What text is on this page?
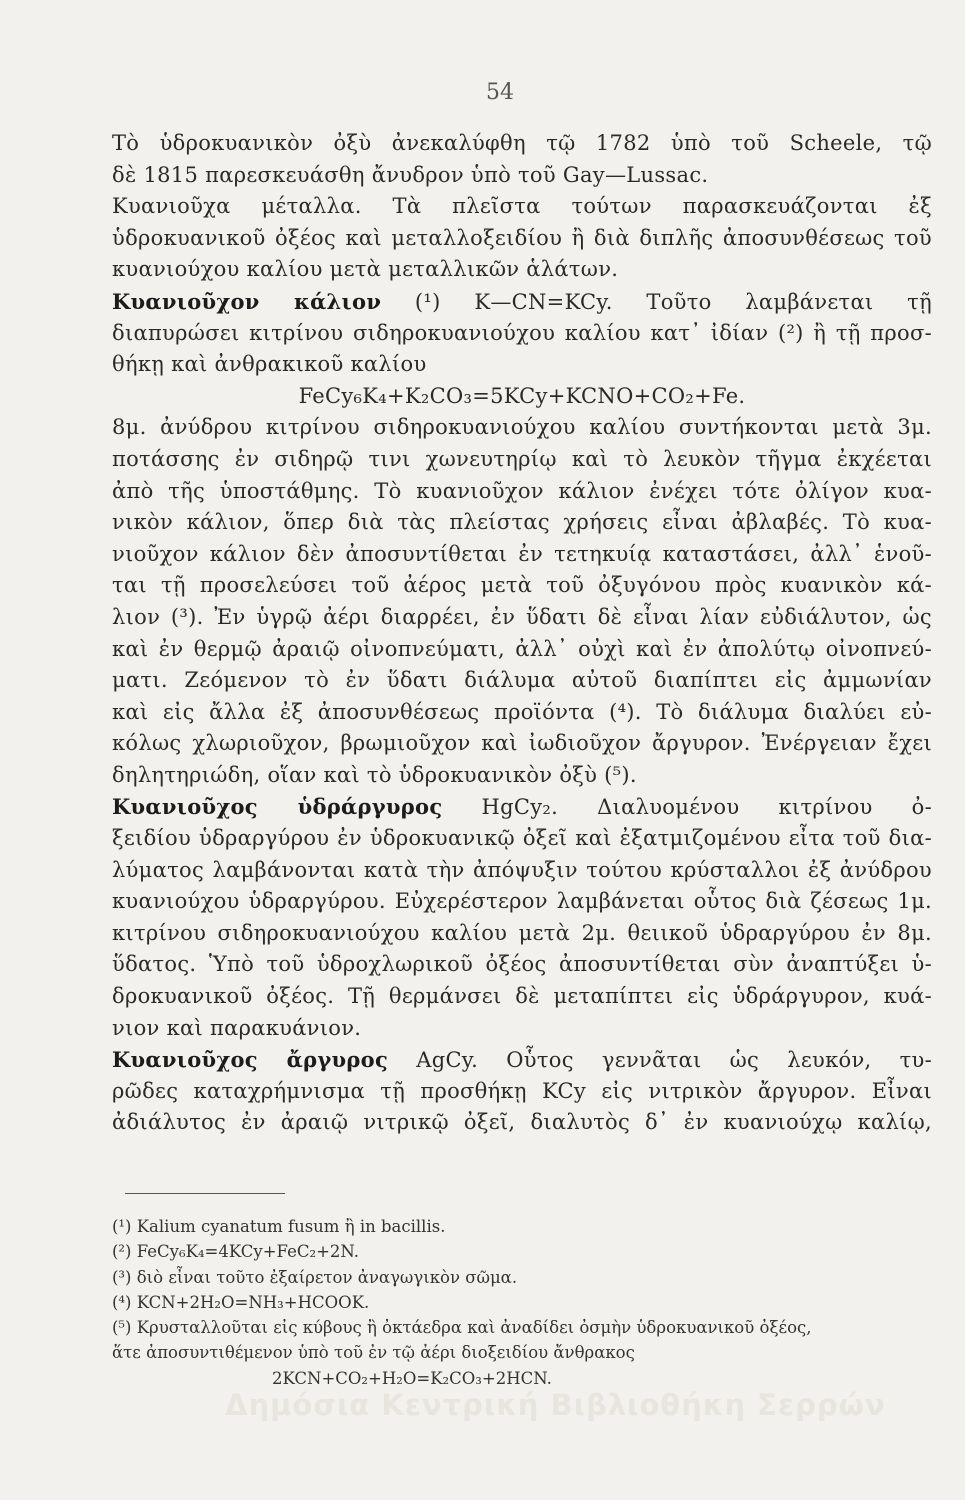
54
Τὸ ὑδροκυανικὸν ὀξὺ ἀνεκαλύφθη τῷ 1782 ὑπὸ τοῦ Scheele, τῷ
δὲ 1815 παρεσκευάσθη ἄνυδρον ὑπὸ τοῦ Gay—Lussac.
Κυανιοῦχα μέταλλα. Τὰ πλεῖστα τούτων παρασκευάζονται ἐξ
ὑδροκυανικοῦ ὀξέος καὶ μεταλλοξειδίου ἢ διὰ διπλῆς ἀποσυνθέσεως τοῦ
κυανιούχου καλίου μετὰ μεταλλικῶν ἁλάτων.
Κυανιοῦχον κάλιον (¹) K—CN=KCy. Τοῦτο λαμβάνεται τῇ
διαπυρώσει κιτρίνου σιδηροκυανιούχου καλίου κατ᾽ ἰδίαν (²) ἢ τῇ προσ-
θήκῃ καὶ ἀνθρακικοῦ καλίου
FeCy₆K₄+K₂CO₃=5KCy+KCNO+CO₂+Fe.
8μ. ἀνύδρου κιτρίνου σιδηροκυανιούχου καλίου συντήκονται μετὰ 3μ.
ποτάσσης ἐν σιδηρῷ τινι χωνευτηρίῳ καὶ τὸ λευκὸν τῆγμα ἐκχέεται
ἀπὸ τῆς ὑποστάθμης. Τὸ κυανιοῦχον κάλιον ἐνέχει τότε ὀλίγον κυα-
νικὸν κάλιον, ὅπερ διὰ τὰς πλείστας χρήσεις εἶναι ἀβλαβές. Τὸ κυα-
νιοῦχον κάλιον δὲν ἀποσυντίθεται ἐν τετηκυίᾳ καταστάσει, ἀλλ᾽ ἑνοῦ-
ται τῇ προσελεύσει τοῦ ἀέρος μετὰ τοῦ ὀξυγόνου πρὸς κυανικὸν κά-
λιον (³). Ἐν ὑγρῷ ἀέρι διαρρέει, ἐν ὕδατι δὲ εἶναι λίαν εὐδιάλυτον, ὡς
καὶ ἐν θερμῷ ἀραιῷ οἰνοπνεύματι, ἀλλ᾽ οὐχὶ καὶ ἐν ἀπολύτῳ οἰνοπνεύ-
ματι. Ζεόμενον τὸ ἐν ὕδατι διάλυμα αὐτοῦ διαπίπτει εἰς ἀμμωνίαν
καὶ εἰς ἄλλα ἐξ ἀποσυνθέσεως προϊόντα (⁴). Τὸ διάλυμα διαλύει εὐ-
κόλως χλωριοῦχον, βρωμιοῦχον καὶ ἰωδιοῦχον ἄργυρον. Ἐνέργειαν ἔχει
δηλητηριώδη, οἵαν καὶ τὸ ὑδροκυανικὸν ὀξὺ (⁵).
Κυανιοῦχος ὑδράργυρος HgCy₂. Διαλυομένου κιτρίνου ὀ-
ξειδίου ὑδραργύρου ἐν ὑδροκυανικῷ ὀξεῖ καὶ ἐξατμιζομένου εἶτα τοῦ δια-
λύματος λαμβάνονται κατὰ τὴν ἀπόψυξιν τούτου κρύσταλλοι ἐξ ἀνύδρου
κυανιούχου ὑδραργύρου. Εὐχερέστερον λαμβάνεται οὗτος διὰ ζέσεως 1μ.
κιτρίνου σιδηροκυανιούχου καλίου μετὰ 2μ. θειικοῦ ὑδραργύρου ἐν 8μ.
ὕδατος. Ὑπὸ τοῦ ὑδροχλωρικοῦ ὀξέος ἀποσυντίθεται σὺν ἀναπτύξει ὑ-
δροκυανικοῦ ὀξέος. Τῇ θερμάνσει δὲ μεταπίπτει εἰς ὑδράργυρον, κυά-
νιον καὶ παρακυάνιον.
Κυανιοῦχος ἄργυρος AgCy. Οὗτος γεννᾶται ὡς λευκόν, τυ-
ρῶδες καταχρήμνισμα τῇ προσθήκῃ KCy εἰς νιτρικὸν ἄργυρον. Εἶναι
ἀδιάλυτος ἐν ἀραιῷ νιτρικῷ ὀξεῖ, διαλυτὸς δ᾽ ἐν κυανιούχῳ καλίῳ,
(¹) Kalium cyanatum fusum ἢ in bacillis.
(²) FeCy₆K₄=4KCy+FeC₂+2N.
(³) διὸ εἶναι τοῦτο ἐξαίρετον ἀναγωγικὸν σῶμα.
(⁴) KCN+2H₂O=NH₃+HCOOK.
(⁵) Κρυσταλλοῦται εἰς κύβους ἢ ὀκτάεδρα καὶ ἀναδίδει ὀσμὴν ὑδροκυανικοῦ ὀξέος,
ἅτε ἀποσυντιθέμενον ὑπὸ τοῦ ἐν τῷ ἀέρι διοξειδίου ἄνθρακος
2KCN+CO₂+H₂O=K₂CO₃+2HCN.
Δημόσια Κεντρική Βιβλιοθήκη Σερρών
